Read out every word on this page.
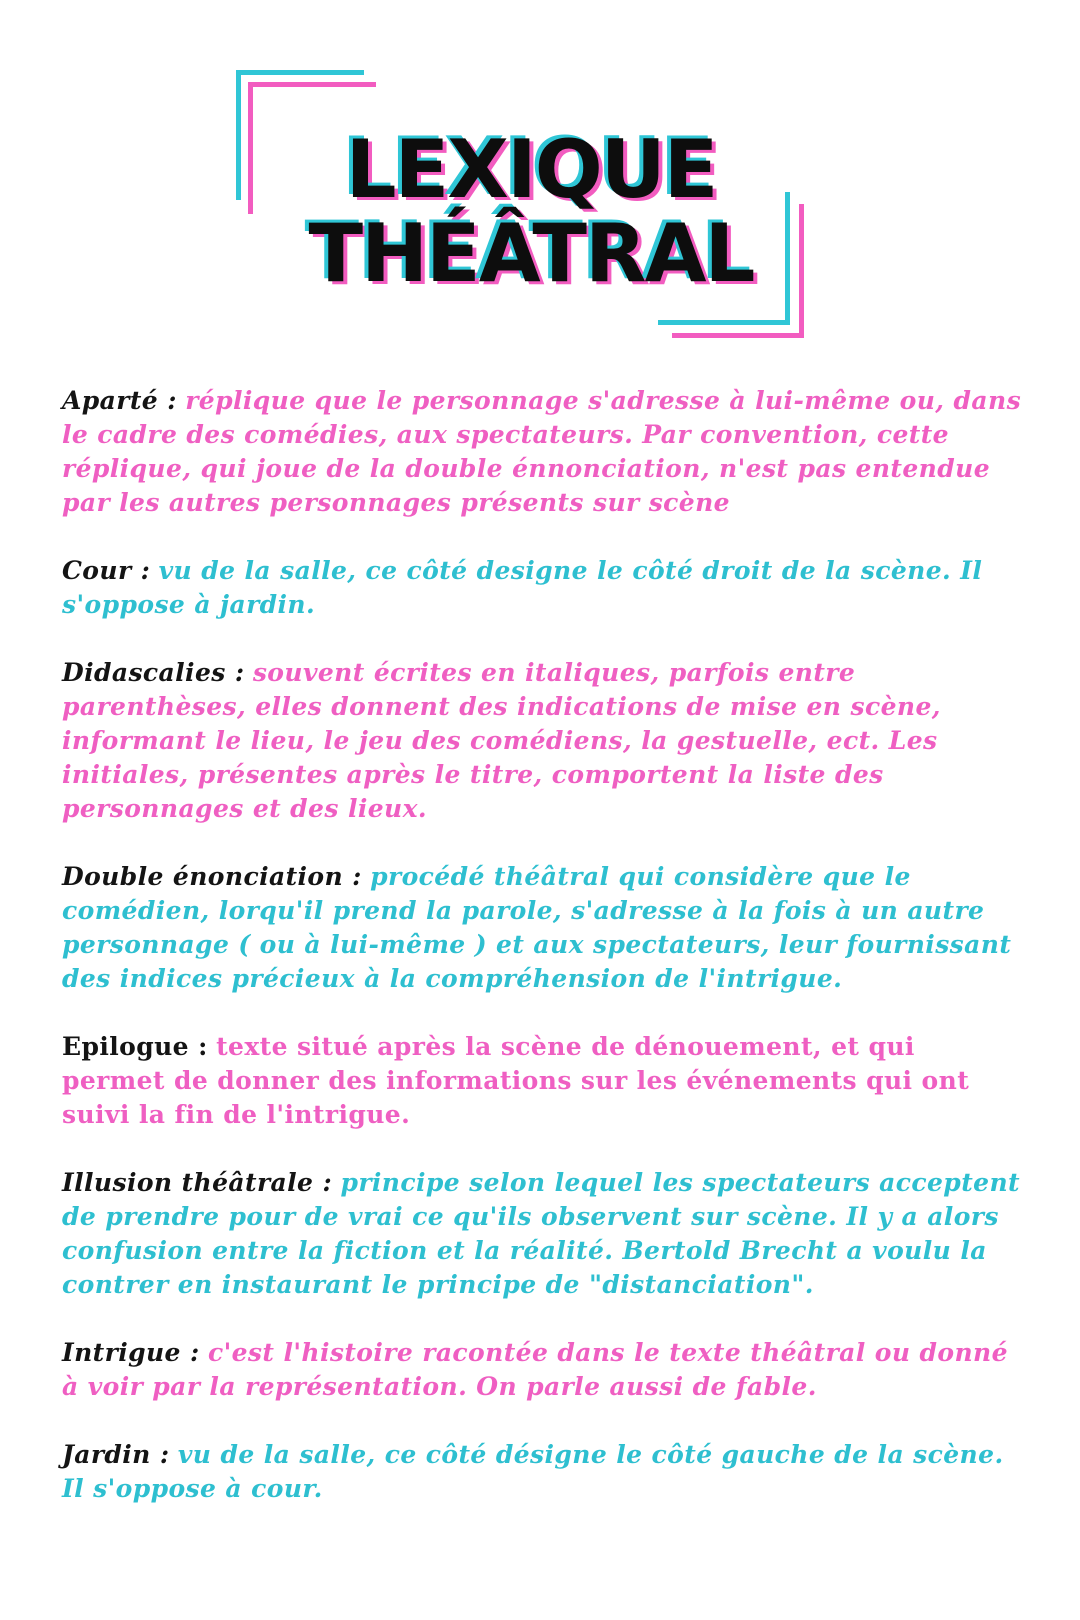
LEXIQUE
THÉÂTRAL

Aparté : réplique que le personnage s'adresse à lui-même ou, dans le cadre des comédies, aux spectateurs. Par convention, cette réplique, qui joue de la double énnonciation, n'est pas entendue par les autres personnages présents sur scène

Cour : vu de la salle, ce côté designe le côté droit de la scène. Il s'oppose à jardin.

Didascalies : souvent écrites en italiques, parfois entre parenthèses, elles donnent des indications de mise en scène, informant le lieu, le jeu des comédiens, la gestuelle, ect. Les initiales, présentes après le titre, comportent la liste des personnages et des lieux.

Double énonciation : procédé théâtral qui considère que le comédien, lorqu'il prend la parole, s'adresse à la fois à un autre personnage ( ou à lui-même ) et aux spectateurs, leur fournissant des indices précieux à la compréhension de l'intrigue.

Epilogue : texte situé après la scène de dénouement, et qui permet de donner des informations sur les événements qui ont suivi la fin de l'intrigue.

Illusion théâtrale : principe selon lequel les spectateurs acceptent de prendre pour de vrai ce qu'ils observent sur scène. Il y a alors confusion entre la fiction et la réalité. Bertold Brecht a voulu la contrer en instaurant le principe de "distanciation".

Intrigue : c'est l'histoire racontée dans le texte théâtral ou donné à voir par la représentation. On parle aussi de fable.

Jardin : vu de la salle, ce côté désigne le côté gauche de la scène. Il s'oppose à cour.
